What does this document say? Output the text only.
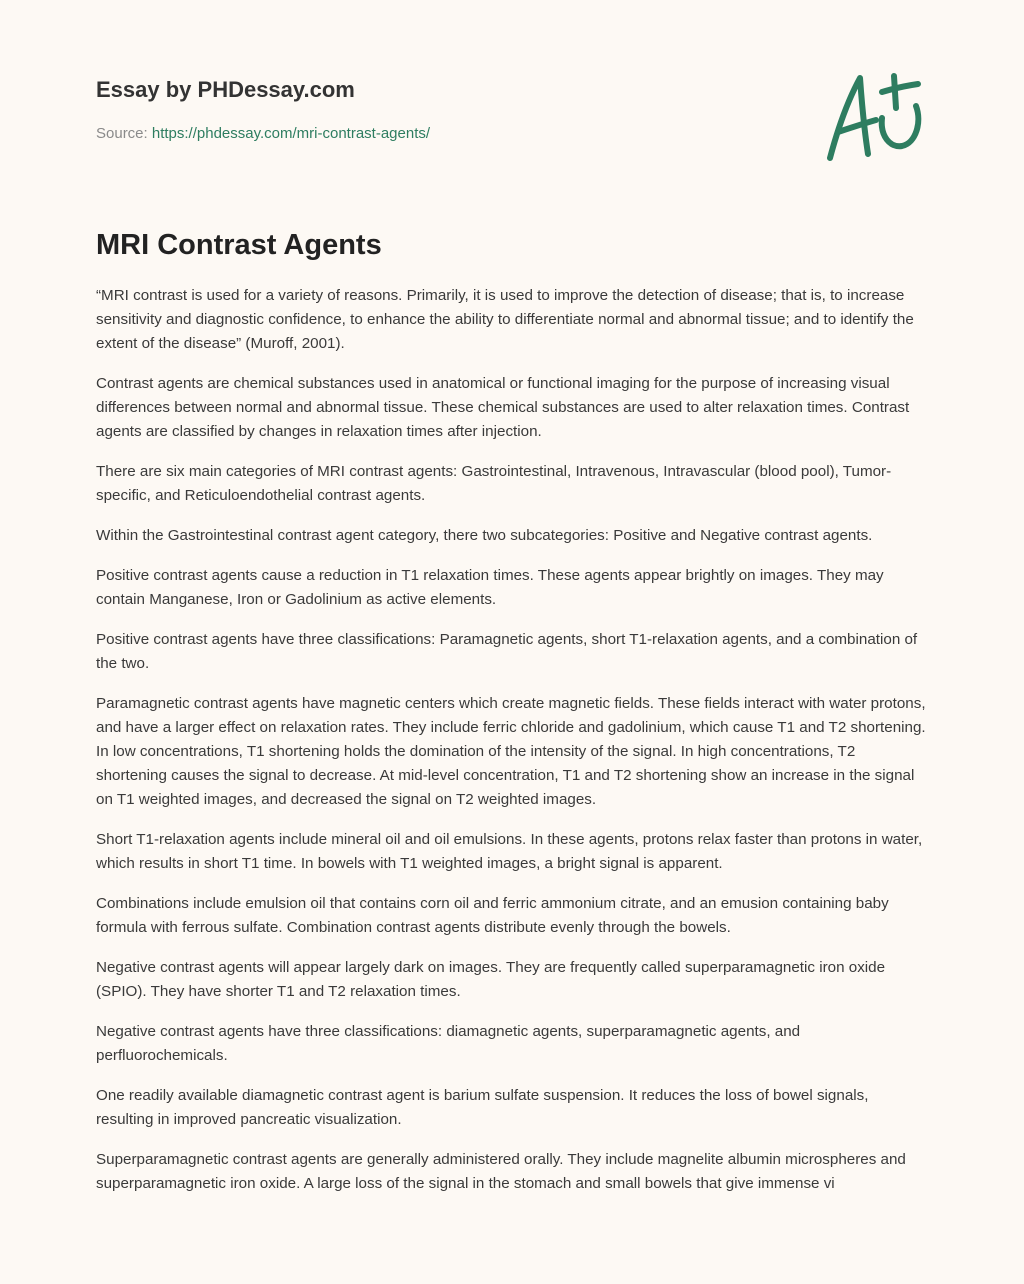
Essay by PHDessay.com
Source: https://phdessay.com/mri-contrast-agents/
MRI Contrast Agents

“MRI contrast is used for a variety of reasons. Primarily, it is used to improve the detection of disease; that is, to increase sensitivity and diagnostic confidence, to enhance the ability to differentiate normal and abnormal tissue; and to identify the extent of the disease” (Muroff, 2001).

Contrast agents are chemical substances used in anatomical or functional imaging for the purpose of increasing visual differences between normal and abnormal tissue. These chemical substances are used to alter relaxation times. Contrast agents are classified by changes in relaxation times after injection.

There are six main categories of MRI contrast agents: Gastrointestinal, Intravenous, Intravascular (blood pool), Tumor-specific, and Reticuloendothelial contrast agents.

Within the Gastrointestinal contrast agent category, there two subcategories: Positive and Negative contrast agents.

Positive contrast agents cause a reduction in T1 relaxation times. These agents appear brightly on images. They may contain Manganese, Iron or Gadolinium as active elements.

Positive contrast agents have three classifications: Paramagnetic agents, short T1-relaxation agents, and a combination of the two.

Paramagnetic contrast agents have magnetic centers which create magnetic fields. These fields interact with water protons, and have a larger effect on relaxation rates. They include ferric chloride and gadolinium, which cause T1 and T2 shortening. In low concentrations, T1 shortening holds the domination of the intensity of the signal. In high concentrations, T2 shortening causes the signal to decrease. At mid-level concentration, T1 and T2 shortening show an increase in the signal on T1 weighted images, and decreased the signal on T2 weighted images.

Short T1-relaxation agents include mineral oil and oil emulsions. In these agents, protons relax faster than protons in water, which results in short T1 time. In bowels with T1 weighted images, a bright signal is apparent.

Combinations include emulsion oil that contains corn oil and ferric ammonium citrate, and an emusion containing baby formula with ferrous sulfate. Combination contrast agents distribute evenly through the bowels.

Negative contrast agents will appear largely dark on images. They are frequently called superparamagnetic iron oxide (SPIO). They have shorter T1 and T2 relaxation times.

Negative contrast agents have three classifications: diamagnetic agents, superparamagnetic agents, and perfluorochemicals.

One readily available diamagnetic contrast agent is barium sulfate suspension. It reduces the loss of bowel signals, resulting in improved pancreatic visualization.

Superparamagnetic contrast agents are generally administered orally. They include magnelite albumin microspheres and superparamagnetic iron oxide. A large loss of the signal in the stomach and small bowels that give immense vi
